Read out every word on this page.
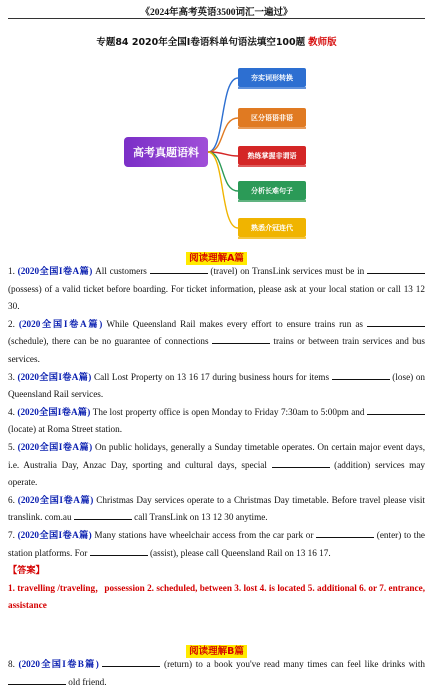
《2024年高考英语3500词汇一遍过》
专题84 2020年全国I卷语料单句语法填空100题 教师版
高考真题语料
夯实词形转换
区分语语非语
熟练掌握非谓语
分析长难句子
熟悉介冠连代
阅读理解A篇

1. (2020全国I卷A篇) All customers	(travel) on TransLink services must be in  (possess) of a valid ticket before boarding. For ticket information, please ask at your local station or call 13 12 30.

2. (2020全国I卷A篇) While Queensland Rail makes every effort to ensure trains run as  (schedule), there can be no guarantee of connections	trains or between train services and bus services.

3. (2020全国I卷A篇) Call Lost Property on 13 16 17 during business hours for items	(lose) on Queensland Rail services.

4. (2020全国I卷A篇) The lost property office is open Monday to Friday 7:30am to 5:00pm and  (locate) at Roma Street station.

5. (2020全国I卷A篇) On public holidays, generally a Sunday timetable operates. On certain major event days, i.e. Australia Day, Anzac Day, sporting and cultural days, special	(addition) services may operate.

6. (2020全国I卷A篇) Christmas Day services operate to a Christmas Day timetable. Before travel please visit translink. com.au	call TransLink on 13 12 30 anytime.

7. (2020全国I卷A篇) Many stations have wheelchair access from the car park or	(enter) to the station platforms. For	(assist), please call Queensland Rail on 13 16 17.

【答案】

1. travelling /traveling，possession 2. scheduled, between 3. lost 4. is located 5. additional 6. or 7. entrance, assistance

阅读理解B篇

8. (2020全国I卷B篇)	(return) to a book you've read many times can feel like drinks with old friend.
